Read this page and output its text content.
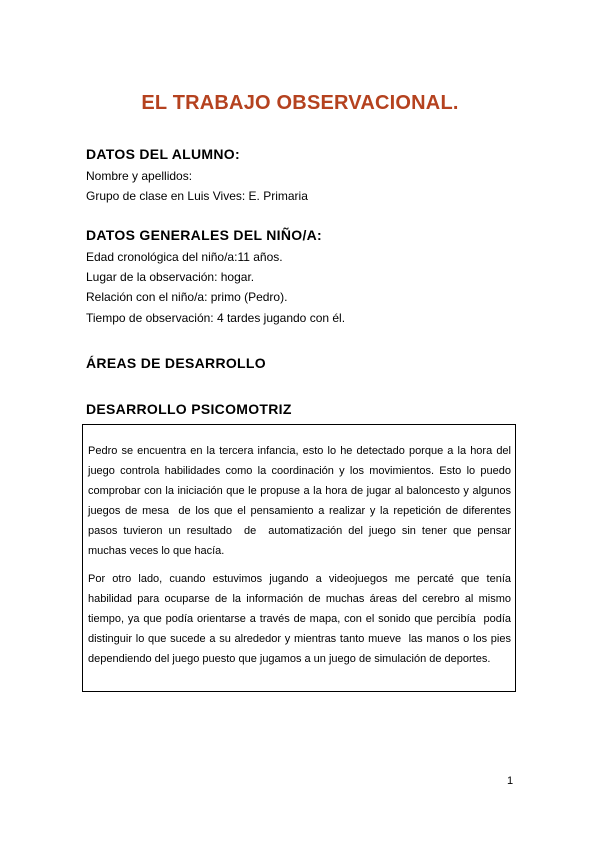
EL TRABAJO OBSERVACIONAL.
DATOS DEL ALUMNO:
Nombre y apellidos:
Grupo de clase en Luis Vives: E. Primaria
DATOS GENERALES DEL NIÑO/A:
Edad cronológica del niño/a:11 años.
Lugar de la observación: hogar.
Relación con el niño/a: primo (Pedro).
Tiempo de observación: 4 tardes jugando con él.
ÁREAS DE DESARROLLO
DESARROLLO PSICOMOTRIZ

Pedro se encuentra en la tercera infancia, esto lo he detectado porque a la hora del juego controla habilidades como la coordinación y los movimientos. Esto lo puedo comprobar con la iniciación que le propuse a la hora de jugar al baloncesto y algunos juegos de mesa  de los que el pensamiento a realizar y la repetición de diferentes pasos tuvieron un resultado  de  automatización del juego sin tener que pensar muchas veces lo que hacía.

Por otro lado, cuando estuvimos jugando a videojuegos me percaté que tenía habilidad para ocuparse de la información de muchas áreas del cerebro al mismo tiempo, ya que podía orientarse a través de mapa, con el sonido que percibía  podía distinguir lo que sucede a su alrededor y mientras tanto mueve  las manos o los pies dependiendo del juego puesto que jugamos a un juego de simulación de deportes.

1
